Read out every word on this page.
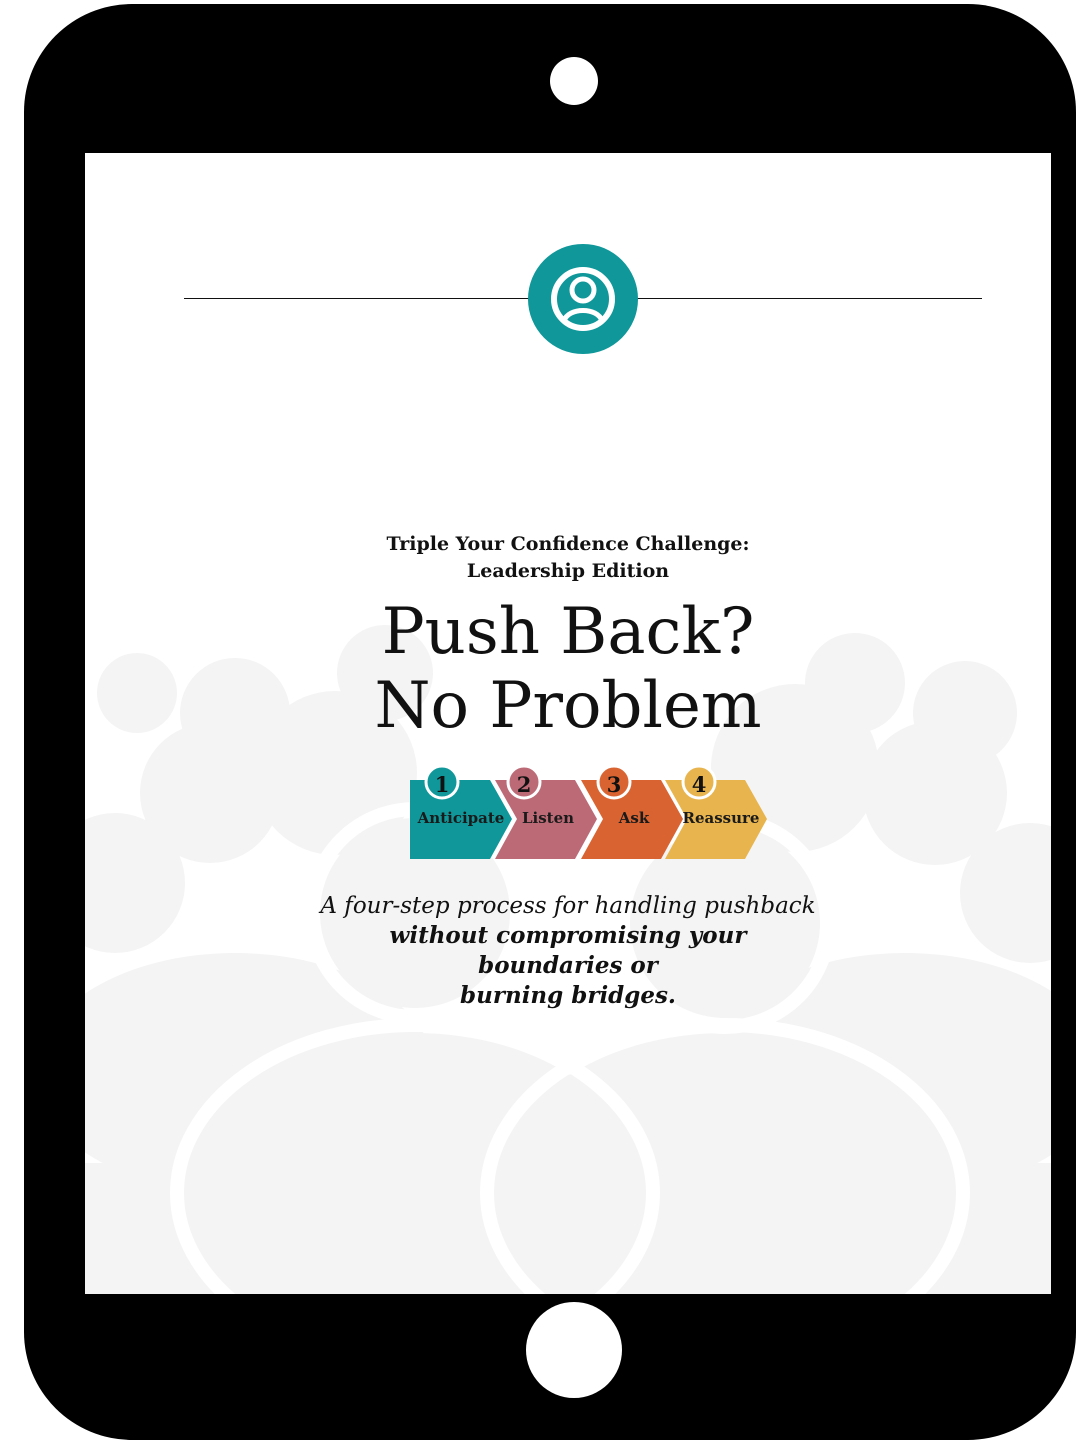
Triple Your Confidence Challenge:
Leadership Edition
Push Back?
No Problem
1	2	3	4
Anticipate	Listen	Ask	Reassure
A four-step process for handling pushback
without compromising your boundaries or
burning bridges.
